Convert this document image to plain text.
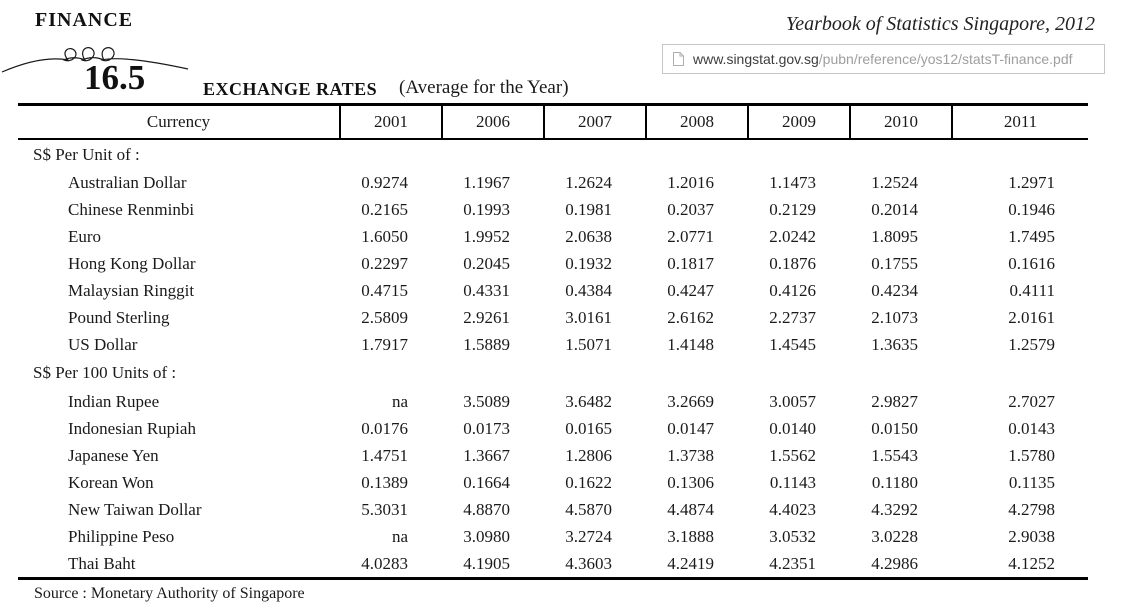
FINANCE	Yearbook of Statistics Singapore, 2012
www.singstat.gov.sg/pubn/reference/yos12/statsT-finance.pdf
16.5	EXCHANGE RATES (Average for the Year)
Currency	2001	2006	2007	2008	2009	2010	2011
S$ Per Unit of :
Australian Dollar	0.9274	1.1967	1.2624	1.2016	1.1473	1.2524	1.2971
Chinese Renminbi	0.2165	0.1993	0.1981	0.2037	0.2129	0.2014	0.1946
Euro	1.6050	1.9952	2.0638	2.0771	2.0242	1.8095	1.7495
Hong Kong Dollar	0.2297	0.2045	0.1932	0.1817	0.1876	0.1755	0.1616
Malaysian Ringgit	0.4715	0.4331	0.4384	0.4247	0.4126	0.4234	0.4111
Pound Sterling	2.5809	2.9261	3.0161	2.6162	2.2737	2.1073	2.0161
US Dollar	1.7917	1.5889	1.5071	1.4148	1.4545	1.3635	1.2579
S$ Per 100 Units of :
Indian Rupee	na	3.5089	3.6482	3.2669	3.0057	2.9827	2.7027
Indonesian Rupiah	0.0176	0.0173	0.0165	0.0147	0.0140	0.0150	0.0143
Japanese Yen	1.4751	1.3667	1.2806	1.3738	1.5562	1.5543	1.5780
Korean Won	0.1389	0.1664	0.1622	0.1306	0.1143	0.1180	0.1135
New Taiwan Dollar	5.3031	4.8870	4.5870	4.4874	4.4023	4.3292	4.2798
Philippine Peso	na	3.0980	3.2724	3.1888	3.0532	3.0228	2.9038
Thai Baht	4.0283	4.1905	4.3603	4.2419	4.2351	4.2986	4.1252
Source : Monetary Authority of Singapore
